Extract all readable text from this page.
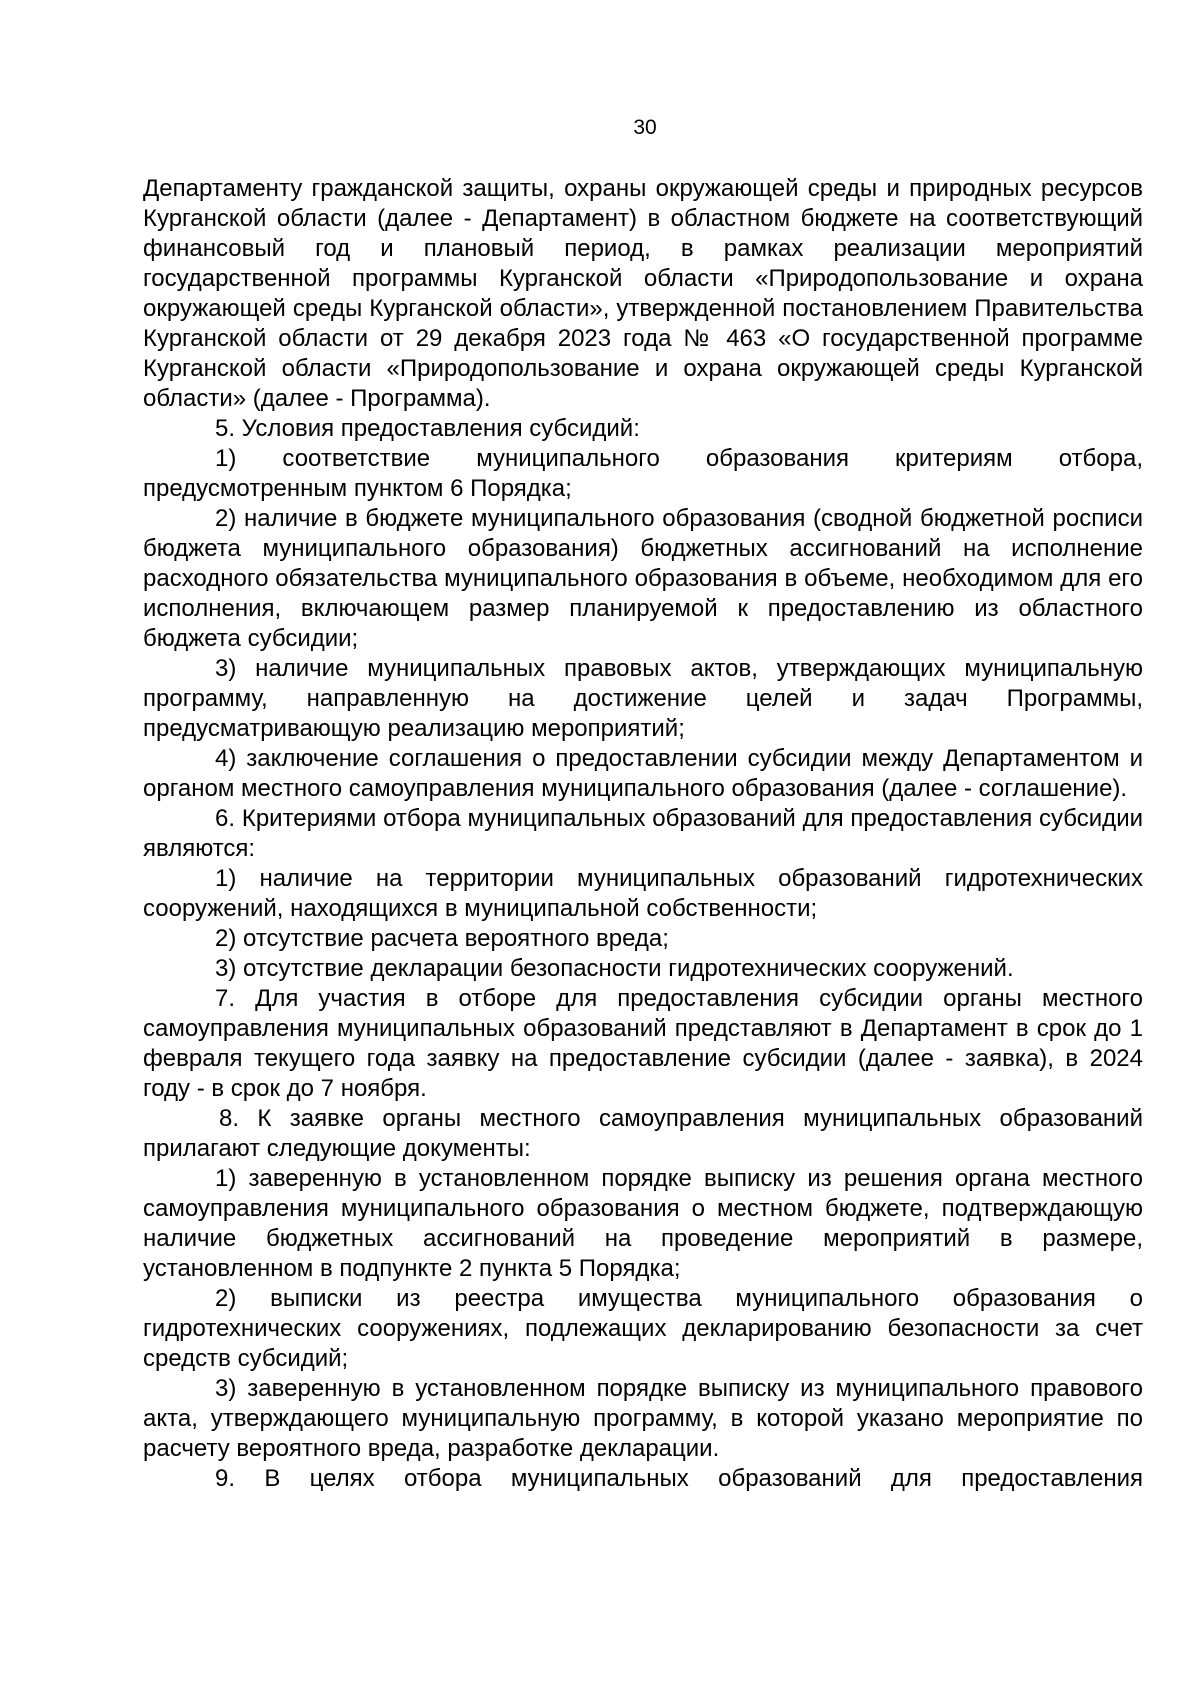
30

Департаменту гражданской защиты, охраны окружающей среды и природных ресурсов Курганской области (далее - Департамент) в областном бюджете на соответствующий финансовый год и плановый период, в рамках реализации мероприятий государственной программы Курганской области «Природопользование и охрана окружающей среды Курганской области», утвержденной постановлением Правительства Курганской области от 29 декабря 2023 года № 463 «О государственной программе Курганской области «Природопользование и охрана окружающей среды Курганской области» (далее - Программа).

5. Условия предоставления субсидий:

1) соответствие муниципального образования критериям отбора, предусмотренным пунктом 6 Порядка;

2) наличие в бюджете муниципального образования (сводной бюджетной росписи бюджета муниципального образования) бюджетных ассигнований на исполнение расходного обязательства муниципального образования в объеме, необходимом для его исполнения, включающем размер планируемой к предоставлению из областного бюджета субсидии;

3) наличие муниципальных правовых актов, утверждающих муниципальную программу, направленную на достижение целей и задач Программы, предусматривающую реализацию мероприятий;

4) заключение соглашения о предоставлении субсидии между Департаментом и органом местного самоуправления муниципального образования (далее - соглашение).

6. Критериями отбора муниципальных образований для предоставления субсидии являются:

1) наличие на территории муниципальных образований гидротехнических сооружений, находящихся в муниципальной собственности;

2) отсутствие расчета вероятного вреда;

3) отсутствие декларации безопасности гидротехнических сооружений.

7. Для участия в отборе для предоставления субсидии органы местного самоуправления муниципальных образований представляют в Департамент в срок до 1 февраля текущего года заявку на предоставление субсидии (далее - заявка), в 2024 году - в срок до 7 ноября.

8. К заявке органы местного самоуправления муниципальных образований прилагают следующие документы:

1) заверенную в установленном порядке выписку из решения органа местного самоуправления муниципального образования о местном бюджете, подтверждающую наличие бюджетных ассигнований на проведение мероприятий в размере, установленном в подпункте 2 пункта 5 Порядка;

2) выписки из реестра имущества муниципального образования о гидротехнических сооружениях, подлежащих декларированию безопасности за счет средств субсидий;

3) заверенную в установленном порядке выписку из муниципального правового акта, утверждающего муниципальную программу, в которой указано мероприятие по расчету вероятного вреда, разработке декларации.

9. В целях отбора муниципальных образований для предоставления
